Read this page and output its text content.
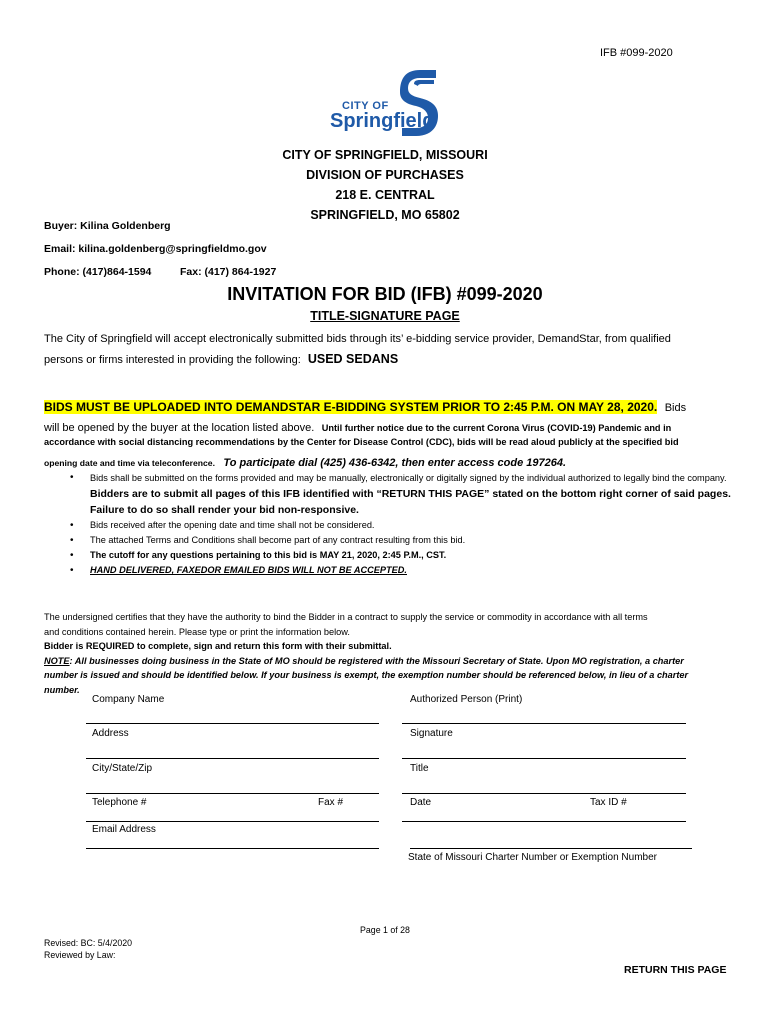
IFB #099-2020
CITY OF
Springfield
CITY OF SPRINGFIELD, MISSOURI
DIVISION OF PURCHASES
218 E. CENTRAL
SPRINGFIELD, MO 65802
Buyer: Kilina Goldenberg
Email: kilina.goldenberg@springfieldmo.gov
Phone: (417)864-1594	Fax: (417) 864-1927
INVITATION FOR BID (IFB) #099-2020
TITLE-SIGNATURE PAGE
The City of Springfield will accept electronically submitted bids through its’ e-bidding service provider, DemandStar, from qualified
persons or firms interested in providing the following: USED SEDANS
BIDS MUST BE UPLOADED INTO DEMANDSTAR E-BIDDING SYSTEM PRIOR TO 2:45 P.M. ON MAY 28, 2020. Bids
will be opened by the buyer at the location listed above. Until further notice due to the current Corona Virus (COVID-19) Pandemic and in
accordance with social distancing recommendations by the Center for Disease Control (CDC), bids will be read aloud publicly at the specified bid
opening date and time via teleconference. To participate dial (425) 436-6342, then enter access code 197264.
• Bids shall be submitted on the forms provided and may be manually, electronically or digitally signed by the individual authorized to legally bind the company. Bidders are to submit all pages of this IFB identified with “RETURN THIS PAGE” stated on the bottom right corner of said pages. Failure to do so shall render your bid non-responsive.
• Bids received after the opening date and time shall not be considered.
• The attached Terms and Conditions shall become part of any contract resulting from this bid.
• The cutoff for any questions pertaining to this bid is MAY 21, 2020, 2:45 P.M., CST.
• HAND DELIVERED, FAXEDOR EMAILED BIDS WILL NOT BE ACCEPTED.
The undersigned certifies that they have the authority to bind the Bidder in a contract to supply the service or commodity in accordance with all terms
and conditions contained herein. Please type or print the information below.
Bidder is REQUIRED to complete, sign and return this form with their submittal.
NOTE: All businesses doing business in the State of MO should be registered with the Missouri Secretary of State. Upon MO registration, a charter
number is issued and should be identified below. If your business is exempt, the exemption number should be referenced below, in lieu of a charter
number.
Company Name	Authorized Person (Print)
Address	Signature
City/State/Zip	Title
Telephone #	Fax #	Date	Tax ID #
Email Address
State of Missouri Charter Number or Exemption Number
Page 1 of 28
Revised: BC: 5/4/2020
Reviewed by Law:
RETURN THIS PAGE
